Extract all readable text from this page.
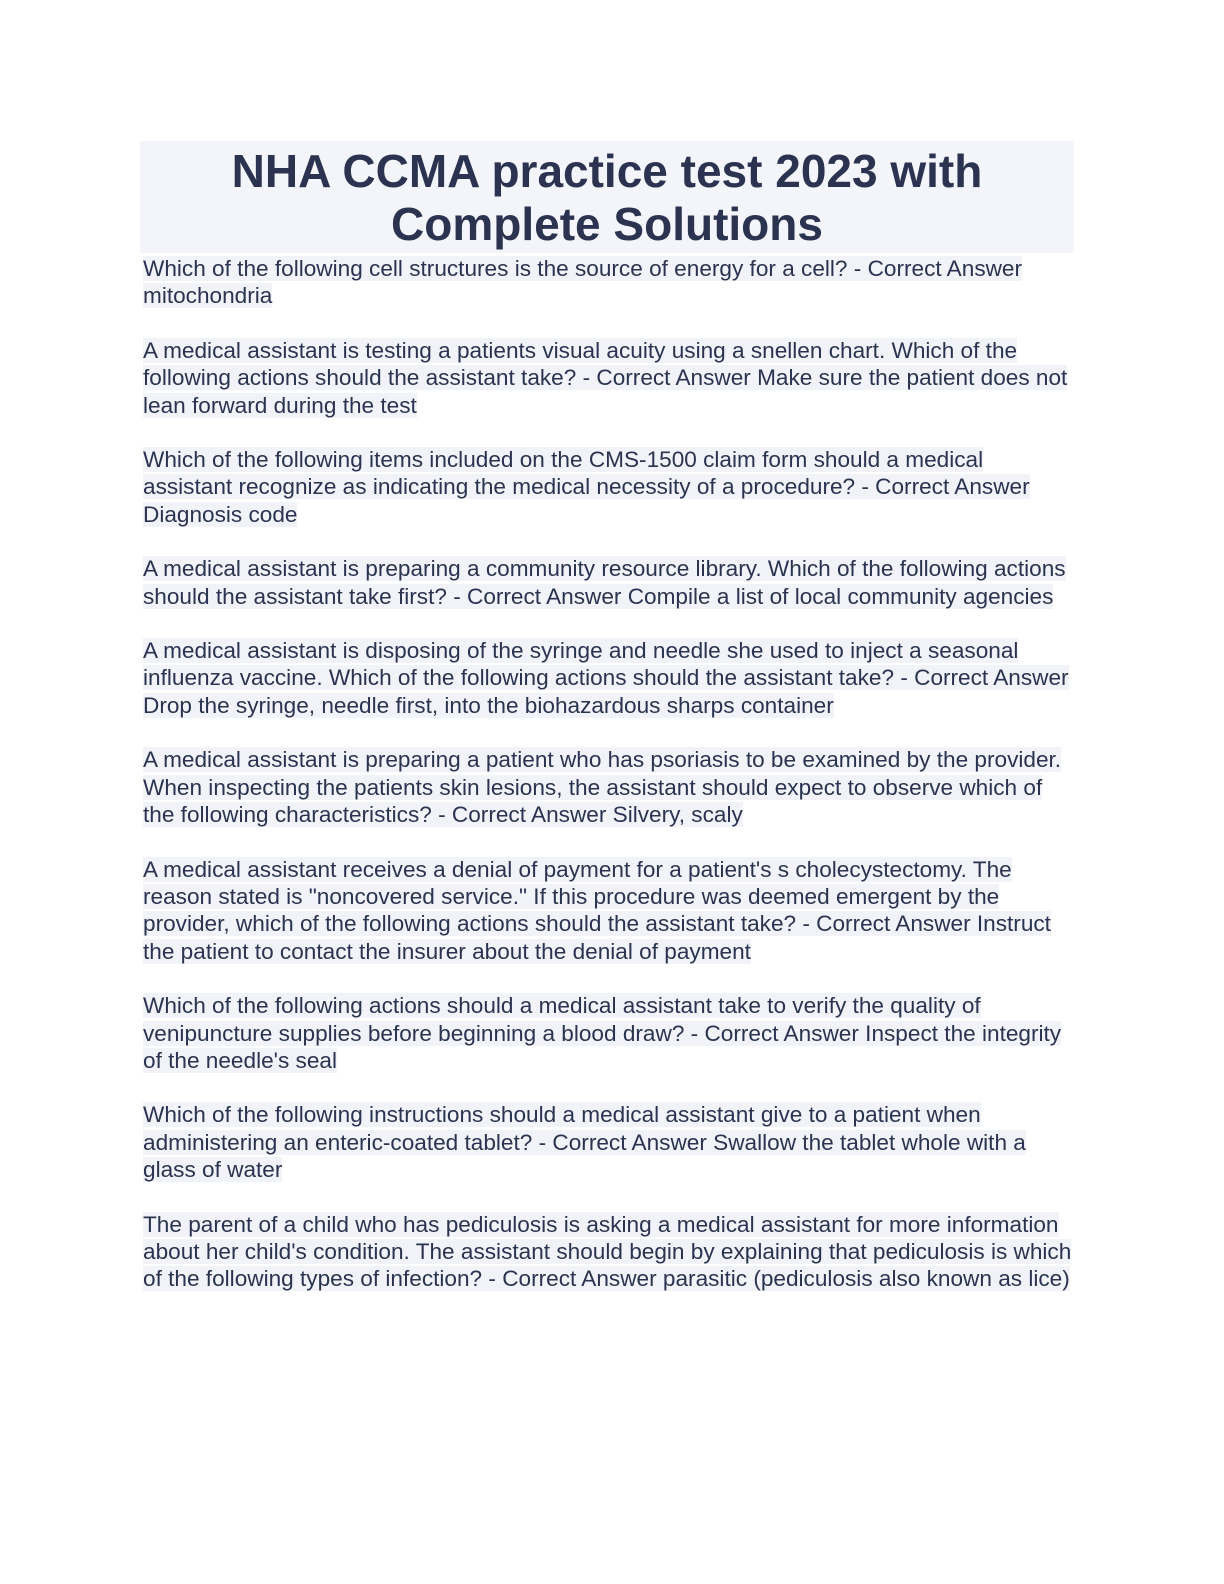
NHA CCMA practice test 2023 with Complete Solutions

Which of the following cell structures is the source of energy for a cell? - Correct Answer mitochondria

A medical assistant is testing a patients visual acuity using a snellen chart. Which of the following actions should the assistant take? - Correct Answer Make sure the patient does not lean forward during the test

Which of the following items included on the CMS-1500 claim form should a medical assistant recognize as indicating the medical necessity of a procedure? - Correct Answer Diagnosis code

A medical assistant is preparing a community resource library. Which of the following actions should the assistant take first? - Correct Answer Compile a list of local community agencies

A medical assistant is disposing of the syringe and needle she used to inject a seasonal influenza vaccine. Which of the following actions should the assistant take? - Correct Answer Drop the syringe, needle first, into the biohazardous sharps container

A medical assistant is preparing a patient who has psoriasis to be examined by the provider. When inspecting the patients skin lesions, the assistant should expect to observe which of the following characteristics? - Correct Answer Silvery, scaly

A medical assistant receives a denial of payment for a patient's s cholecystectomy. The reason stated is "noncovered service." If this procedure was deemed emergent by the provider, which of the following actions should the assistant take? - Correct Answer Instruct the patient to contact the insurer about the denial of payment

Which of the following actions should a medical assistant take to verify the quality of venipuncture supplies before beginning a blood draw? - Correct Answer Inspect the integrity of the needle's seal

Which of the following instructions should a medical assistant give to a patient when administering an enteric-coated tablet? - Correct Answer Swallow the tablet whole with a glass of water

The parent of a child who has pediculosis is asking a medical assistant for more information about her child's condition. The assistant should begin by explaining that pediculosis is which of the following types of infection? - Correct Answer parasitic (pediculosis also known as lice)
